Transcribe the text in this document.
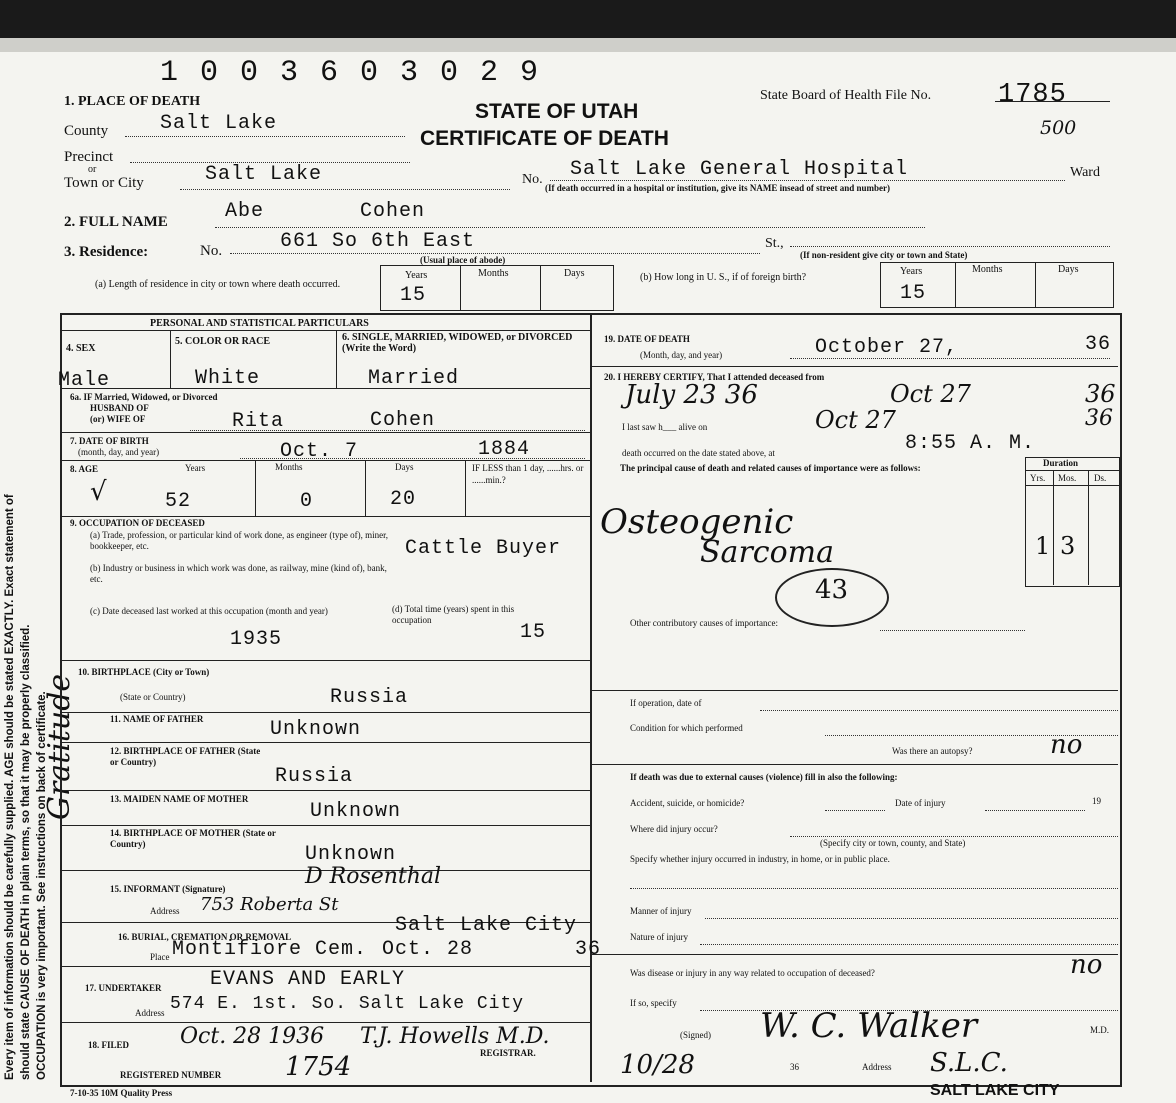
Every item of information should be carefully supplied. AGE should be stated EXACTLY. Exact statement of should state CAUSE OF DEATH in plain terms, so that it may be properly classified. OCCUPATION is very important. See instructions on back of certificate.
Gratitude
1 0 0 3 6 0 3 0 2 9
1. PLACE OF DEATH	STATE OF UTAH
CERTIFICATE OF DEATH
State Board of Health File No. 1785
500
County	Salt Lake
Precinct
or
Town or City	Salt Lake	No. Salt Lake General Hospital	Ward
(If death occurred in a hospital or institution, give its NAME insead of street and number)
2. FULL NAME	Abe	Cohen
3. Residence:	No.	661 So 6th East	St.,
(Usual place of abode)	(If non-resident give city or town and State)
(a) Length of residence in city or town where death occurred.
Years	Months	Days
15
(b) How long in U. S., if of foreign birth?
Years	Months	Days
15
PERSONAL AND STATISTICAL PARTICULARS
4. SEX
5. COLOR OR RACE	6. SINGLE, MARRIED, WIDOWED, or DIVORCED (Write the Word)
Male	White	Married
6a. IF Married, Widowed, or Divorced
HUSBAND OF
(or) WIFE OF	Rita	Cohen
7. DATE OF BIRTH
(month, day, and year)	Oct. 7	1884
8. AGE	Years	Months	Days
√	52	0	20
IF LESS than 1 day, ......hrs. or ......min.?
9. OCCUPATION OF DECEASED
(a) Trade, profession, or particular kind of work done, as engineer (type of), miner, bookkeeper, etc.	Cattle Buyer
(b) Industry or business in which work was done, as railway, mine (kind of), bank, etc.
(c) Date deceased last worked at this occupation (month and year)
1935
(d) Total time (years) spent in this occupation
15
10. BIRTHPLACE (City or Town)
(State or Country)	Russia
11. NAME OF FATHER	Unknown
12. BIRTHPLACE OF FATHER (State or Country)
Russia
13. MAIDEN NAME OF MOTHER
Unknown
14. BIRTHPLACE OF MOTHER (State or Country)	Unknown
15. INFORMANT (Signature)	D Rosenthal
Address 753 Roberta St
16. BURIAL, CREMATION OR REMOVAL	Salt Lake City
Place Montifiore Cem. Oct. 28	36
17. UNDERTAKER EVANS AND EARLY
Address 574 E. 1st. So. Salt Lake City
18. FILED Oct. 28 1936 T.J. Howells M.D.
REGISTRAR.
REGISTERED NUMBER 1754
19. DATE OF DEATH
(Month, day, and year)	October 27,	36
20. I HEREBY CERTIFY, That I attended deceased from
July 23 36	Oct 27	36
I last saw h___ alive on	Oct 27	36
death occurred on the date stated above, at	8:55 A. M.
The principal cause of death and related causes of importance were as follows:	Duration
Yrs. Mos. Ds.
Osteogenic
Sarcoma	1 3
43
Other contributory causes of importance:
If operation, date of
Condition for which performed
Was there an autopsy?	no
If death was due to external causes (violence) fill in also the following:
Accident, suicide, or homicide?	Date of injury	19
Where did injury occur?
(Specify city or town, county, and State)
Specify whether injury occurred in industry, in home, or in public place.
Manner of injury
Nature of injury
Was disease or injury in any way related to occupation of deceased?	no
If so, specify
(Signed) W. C. Walker	M.D.
10/28	36	Address S.L.C.
7-10-35 10M Quality Press	SALT LAKE CITY
